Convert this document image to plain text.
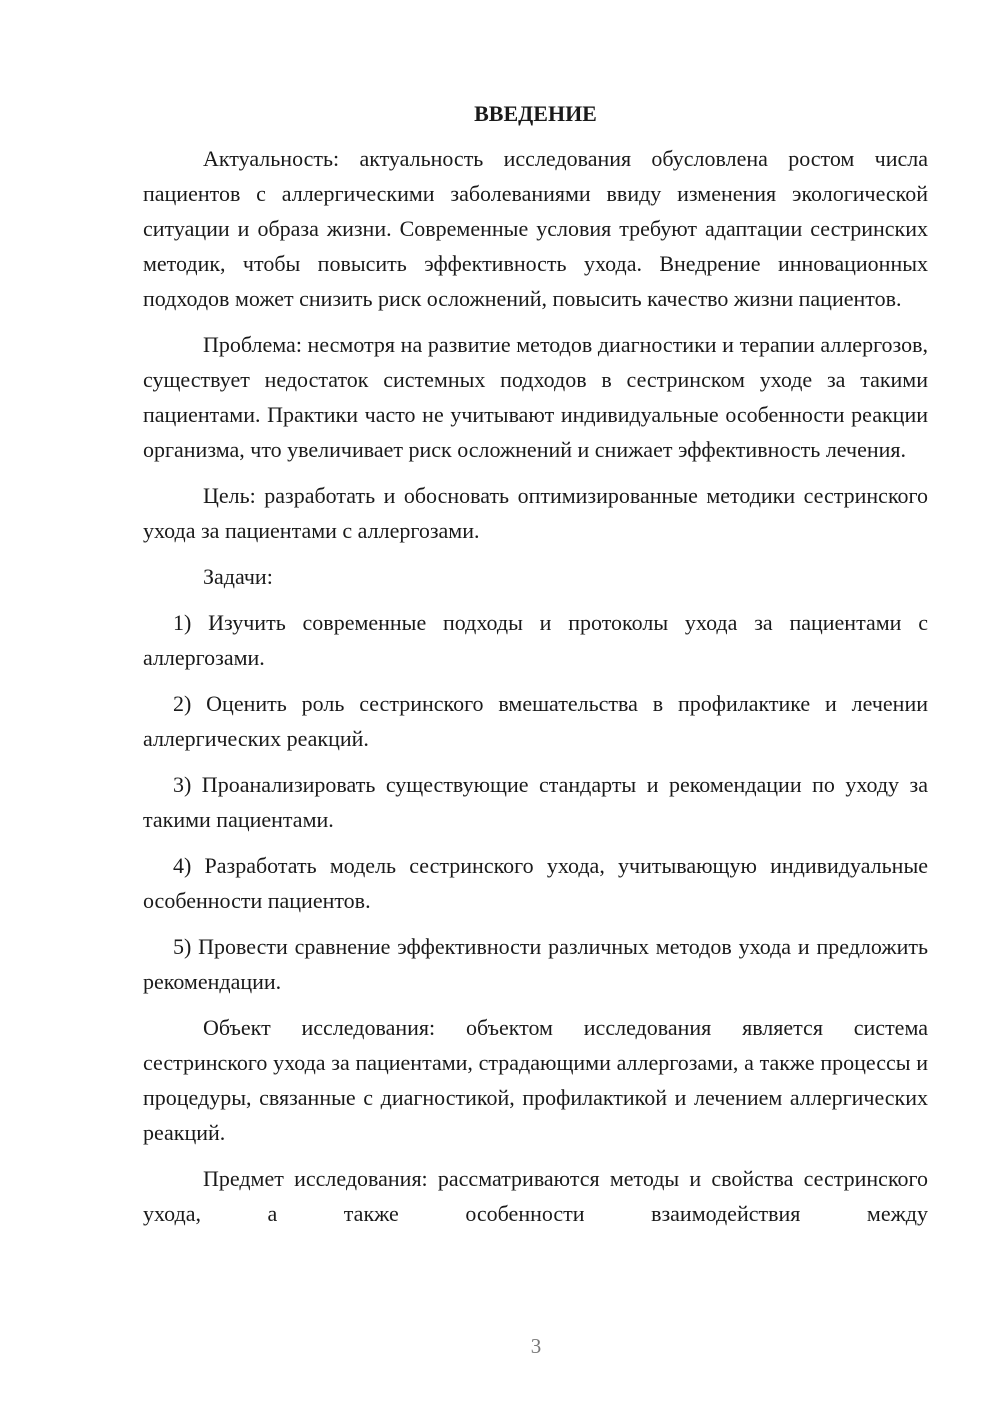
ВВЕДЕНИЕ

Актуальность: актуальность исследования обусловлена ростом числа пациентов с аллергическими заболеваниями ввиду изменения экологической ситуации и образа жизни. Современные условия требуют адаптации сестринских методик, чтобы повысить эффективность ухода. Внедрение инновационных подходов может снизить риск осложнений, повысить качество жизни пациентов.

Проблема: несмотря на развитие методов диагностики и терапии аллергозов, существует недостаток системных подходов в сестринском уходе за такими пациентами. Практики часто не учитывают индивидуальные особенности реакции организма, что увеличивает риск осложнений и снижает эффективность лечения.

Цель: разработать и обосновать оптимизированные методики сестринского ухода за пациентами с аллергозами.

Задачи:

1) Изучить современные подходы и протоколы ухода за пациентами с аллергозами.

2) Оценить роль сестринского вмешательства в профилактике и лечении аллергических реакций.

3) Проанализировать существующие стандарты и рекомендации по уходу за такими пациентами.

4) Разработать модель сестринского ухода, учитывающую индивидуальные особенности пациентов.

5) Провести сравнение эффективности различных методов ухода и предложить рекомендации.

Объект исследования: объектом исследования является система сестринского ухода за пациентами, страдающими аллергозами, а также процессы и процедуры, связанные с диагностикой, профилактикой и лечением аллергических реакций.

Предмет исследования: рассматриваются методы и свойства сестринского ухода, а также особенности взаимодействия между

3
